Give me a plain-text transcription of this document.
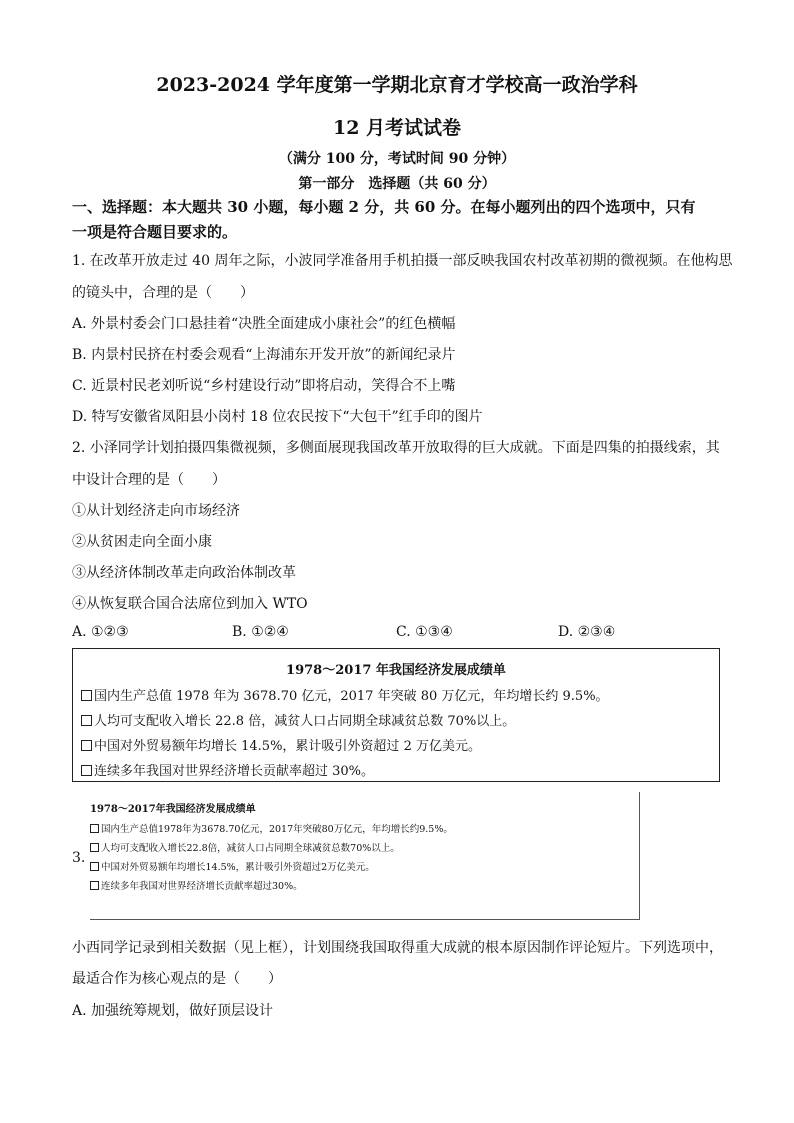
2023-2024 学年度第一学期北京育才学校高一政治学科
12 月考试试卷
（满分 100 分，考试时间 90 分钟）
第一部分　选择题（共 60 分）
一、选择题：本大题共 30 小题，每小题 2 分，共 60 分。在每小题列出的四个选项中，只有
一项是符合题目要求的。
1. 在改革开放走过 40 周年之际，小波同学准备用手机拍摄一部反映我国农村改革初期的微视频。在他构思
的镜头中，合理的是（　　）
A. 外景村委会门口悬挂着“决胜全面建成小康社会”的红色横幅
B. 内景村民挤在村委会观看“上海浦东开发开放”的新闻纪录片
C. 近景村民老刘听说“乡村建设行动”即将启动，笑得合不上嘴
D. 特写安徽省凤阳县小岗村 18 位农民按下“大包干”红手印的图片
2. 小泽同学计划拍摄四集微视频，多侧面展现我国改革开放取得的巨大成就。下面是四集的拍摄线索，其
中设计合理的是（　　）
①从计划经济走向市场经济
②从贫困走向全面小康
③从经济体制改革走向政治体制改革
④从恢复联合国合法席位到加入 WTO
A. ①②③	B. ①②④	C. ①③④	D. ②③④
1978～2017 年我国经济发展成绩单
国内生产总值 1978 年为 3678.70 亿元，2017 年突破 80 万亿元，年均增长约 9.5%。
人均可支配收入增长 22.8 倍，减贫人口占同期全球减贫总数 70%以上。
中国对外贸易额年均增长 14.5%，累计吸引外资超过 2 万亿美元。
连续多年我国对世界经济增长贡献率超过 30%。
3.
1978～2017年我国经济发展成绩单
国内生产总值1978年为3678.70亿元，2017年突破80万亿元，年均增长约9.5%。
人均可支配收入增长22.8倍，减贫人口占同期全球减贫总数70%以上。
中国对外贸易额年均增长14.5%，累计吸引外资超过2万亿美元。
连续多年我国对世界经济增长贡献率超过30%。
小西同学记录到相关数据（见上框），计划围绕我国取得重大成就的根本原因制作评论短片。下列选项中，
最适合作为核心观点的是（　　）
A. 加强统筹规划，做好顶层设计
